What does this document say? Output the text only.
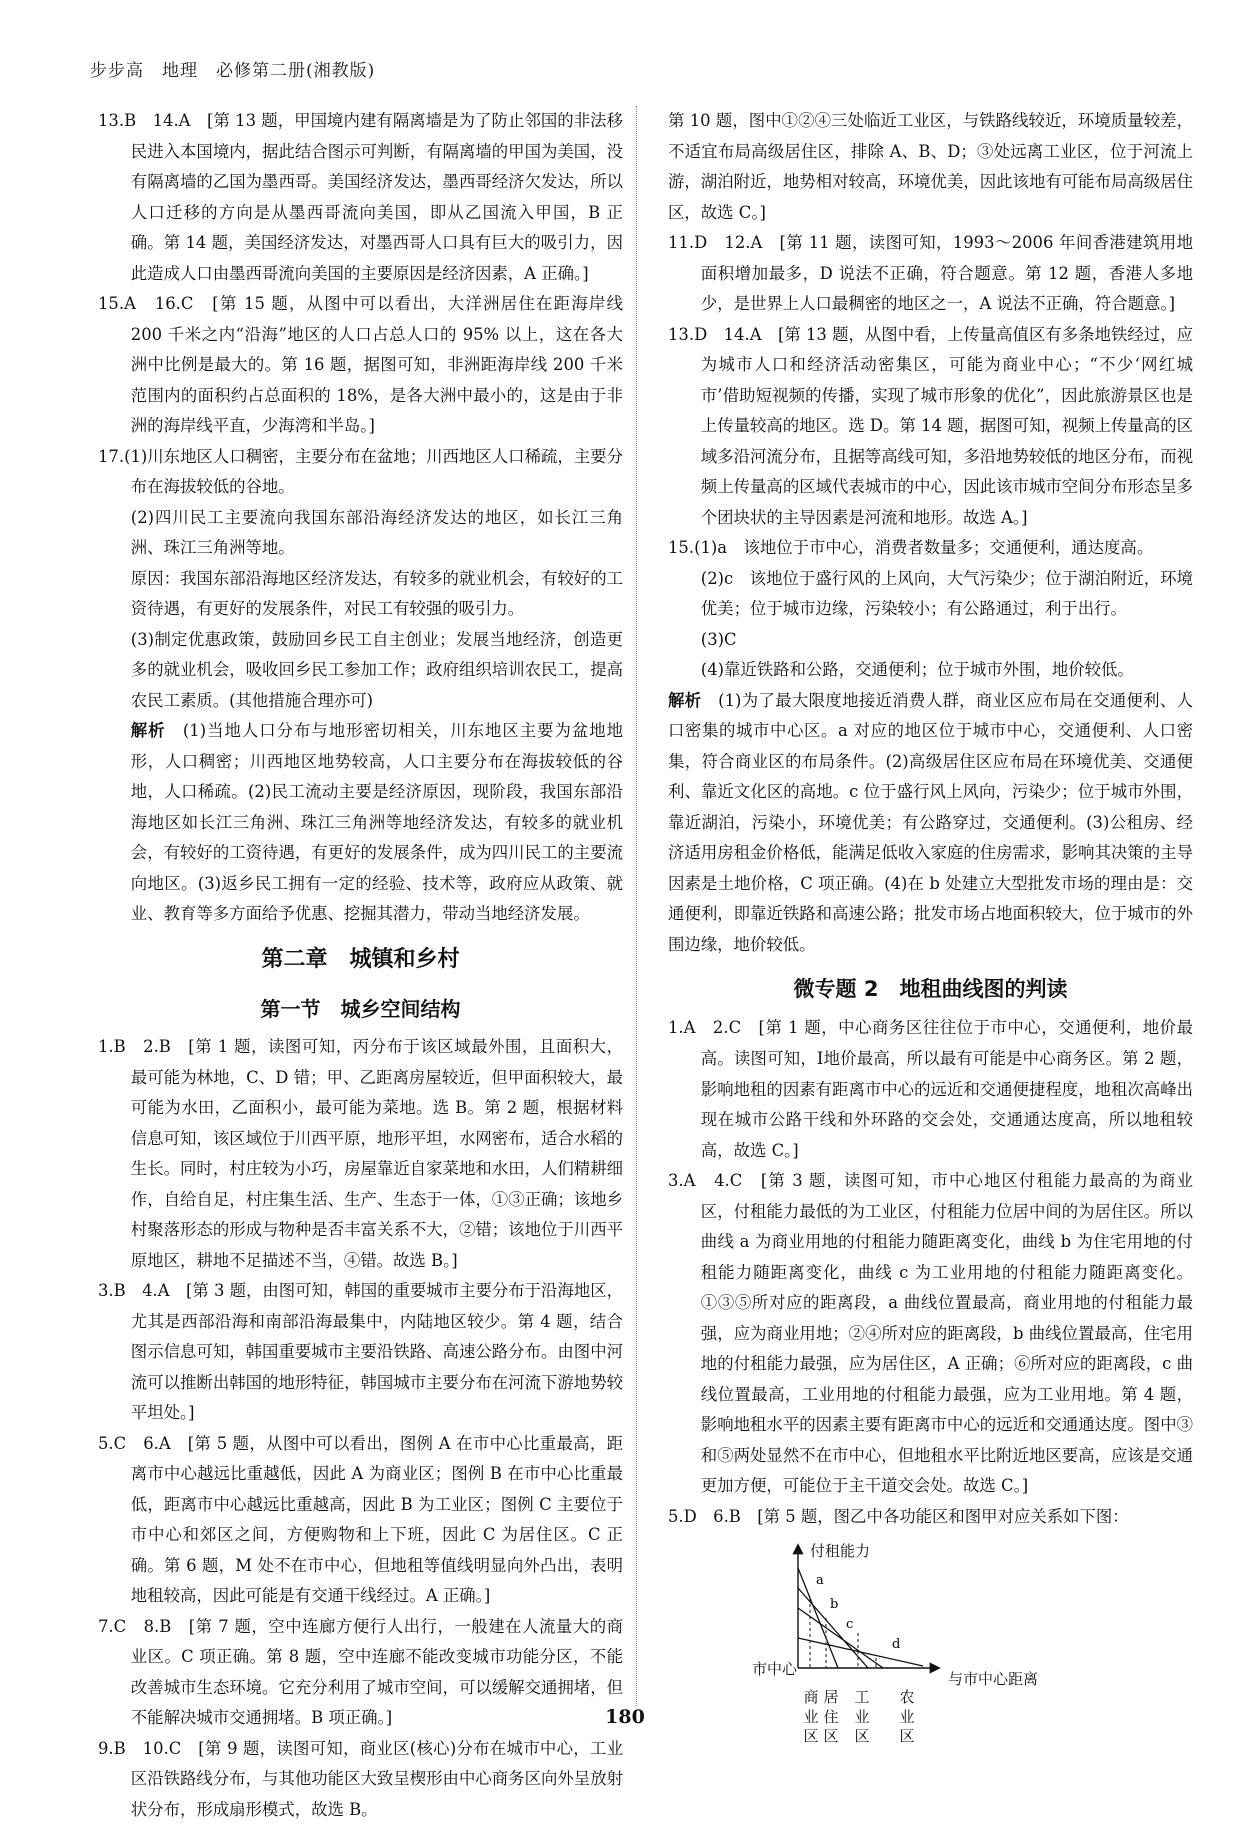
步步高　地理　必修第二册(湘教版)

13.B　14.A　[第 13 题，甲国境内建有隔离墙是为了防止邻国的非法移民进入本国境内，据此结合图示可判断，有隔离墙的甲国为美国，没有隔离墙的乙国为墨西哥。美国经济发达，墨西哥经济欠发达，所以人口迁移的方向是从墨西哥流向美国，即从乙国流入甲国，B 正确。第 14 题，美国经济发达，对墨西哥人口具有巨大的吸引力，因此造成人口由墨西哥流向美国的主要原因是经济因素，A 正确。]

15.A　16.C　[第 15 题，从图中可以看出，大洋洲居住在距海岸线 200 千米之内“沿海”地区的人口占总人口的 95% 以上，这在各大洲中比例是最大的。第 16 题，据图可知，非洲距海岸线 200 千米范围内的面积约占总面积的 18%，是各大洲中最小的，这是由于非洲的海岸线平直，少海湾和半岛。]

17.(1)川东地区人口稠密，主要分布在盆地；川西地区人口稀疏，主要分布在海拔较低的谷地。

(2)四川民工主要流向我国东部沿海经济发达的地区，如长江三角洲、珠江三角洲等地。

原因：我国东部沿海地区经济发达，有较多的就业机会，有较好的工资待遇，有更好的发展条件，对民工有较强的吸引力。

(3)制定优惠政策，鼓励回乡民工自主创业；发展当地经济，创造更多的就业机会，吸收回乡民工参加工作；政府组织培训农民工，提高农民工素质。(其他措施合理亦可)

解析　(1)当地人口分布与地形密切相关，川东地区主要为盆地地形，人口稠密；川西地区地势较高，人口主要分布在海拔较低的谷地，人口稀疏。(2)民工流动主要是经济原因，现阶段，我国东部沿海地区如长江三角洲、珠江三角洲等地经济发达，有较多的就业机会，有较好的工资待遇，有更好的发展条件，成为四川民工的主要流向地区。(3)返乡民工拥有一定的经验、技术等，政府应从政策、就业、教育等多方面给予优惠、挖掘其潜力，带动当地经济发展。

第二章　城镇和乡村
第一节　城乡空间结构

1.B　2.B　[第 1 题，读图可知，丙分布于该区域最外围，且面积大，最可能为林地，C、D 错；甲、乙距离房屋较近，但甲面积较大，最可能为水田，乙面积小，最可能为菜地。选 B。第 2 题，根据材料信息可知，该区域位于川西平原，地形平坦，水网密布，适合水稻的生长。同时，村庄较为小巧，房屋靠近自家菜地和水田，人们精耕细作，自给自足，村庄集生活、生产、生态于一体，①③正确；该地乡村聚落形态的形成与物种是否丰富关系不大，②错；该地位于川西平原地区，耕地不足描述不当，④错。故选 B。]

3.B　4.A　[第 3 题，由图可知，韩国的重要城市主要分布于沿海地区，尤其是西部沿海和南部沿海最集中，内陆地区较少。第 4 题，结合图示信息可知，韩国重要城市主要沿铁路、高速公路分布。由图中河流可以推断出韩国的地形特征，韩国城市主要分布在河流下游地势较平坦处。]

5.C　6.A　[第 5 题，从图中可以看出，图例 A 在市中心比重最高，距离市中心越远比重越低，因此 A 为商业区；图例 B 在市中心比重最低，距离市中心越远比重越高，因此 B 为工业区；图例 C 主要位于市中心和郊区之间，方便购物和上下班，因此 C 为居住区。C 正确。第 6 题，M 处不在市中心，但地租等值线明显向外凸出，表明地租较高，因此可能是有交通干线经过。A 正确。]

7.C　8.B　[第 7 题，空中连廊方便行人出行，一般建在人流量大的商业区。C 项正确。第 8 题，空中连廊不能改变城市功能分区，不能改善城市生态环境。它充分利用了城市空间，可以缓解交通拥堵，但不能解决城市交通拥堵。B 项正确。]

9.B　10.C　[第 9 题，读图可知，商业区(核心)分布在城市中心，工业区沿铁路线分布，与其他功能区大致呈楔形由中心商务区向外呈放射状分布，形成扇形模式，故选 B。

第 10 题，图中①②④三处临近工业区，与铁路线较近，环境质量较差，不适宜布局高级居住区，排除 A、B、D；③处远离工业区，位于河流上游，湖泊附近，地势相对较高，环境优美，因此该地有可能布局高级居住区，故选 C。]

11.D　12.A　[第 11 题，读图可知，1993～2006 年间香港建筑用地面积增加最多，D 说法不正确，符合题意。第 12 题，香港人多地少，是世界上人口最稠密的地区之一，A 说法不正确，符合题意。]

13.D　14.A　[第 13 题，从图中看，上传量高值区有多条地铁经过，应为城市人口和经济活动密集区，可能为商业中心；“不少‘网红城市’借助短视频的传播，实现了城市形象的优化”，因此旅游景区也是上传量较高的地区。选 D。第 14 题，据图可知，视频上传量高的区域多沿河流分布，且据等高线可知，多沿地势较低的地区分布，而视频上传量高的区域代表城市的中心，因此该市城市空间分布形态呈多个团块状的主导因素是河流和地形。故选 A。]

15.(1)a　该地位于市中心，消费者数量多；交通便利，通达度高。

(2)c　该地位于盛行风的上风向，大气污染少；位于湖泊附近，环境优美；位于城市边缘，污染较小；有公路通过，利于出行。

(3)C

(4)靠近铁路和公路，交通便利；位于城市外围，地价较低。

解析　(1)为了最大限度地接近消费人群，商业区应布局在交通便利、人口密集的城市中心区。a 对应的地区位于城市中心，交通便利、人口密集，符合商业区的布局条件。(2)高级居住区应布局在环境优美、交通便利、靠近文化区的高地。c 位于盛行风上风向，污染少；位于城市外围，靠近湖泊，污染小，环境优美；有公路穿过，交通便利。(3)公租房、经济适用房租金价格低，能满足低收入家庭的住房需求，影响其决策的主导因素是土地价格，C 项正确。(4)在 b 处建立大型批发市场的理由是：交通便利，即靠近铁路和高速公路；批发市场占地面积较大，位于城市的外围边缘，地价较低。

微专题 2　地租曲线图的判读

1.A　2.C　[第 1 题，中心商务区往往位于市中心，交通便利，地价最高。读图可知，Ⅰ地价最高，所以最有可能是中心商务区。第 2 题，影响地租的因素有距离市中心的远近和交通便捷程度，地租次高峰出现在城市公路干线和外环路的交会处，交通通达度高，所以地租较高，故选 C。]

3.A　4.C　[第 3 题，读图可知，市中心地区付租能力最高的为商业区，付租能力最低的为工业区，付租能力位居中间的为居住区。所以曲线 a 为商业用地的付租能力随距离变化，曲线 b 为住宅用地的付租能力随距离变化，曲线 c 为工业用地的付租能力随距离变化。①③⑤所对应的距离段，a 曲线位置最高，商业用地的付租能力最强，应为商业用地；②④所对应的距离段，b 曲线位置最高，住宅用地的付租能力最强，应为居住区，A 正确；⑥所对应的距离段，c 曲线位置最高，工业用地的付租能力最强，应为工业用地。第 4 题，影响地租水平的因素主要有距离市中心的远近和交通通达度。图中③和⑤两处显然不在市中心，但地租水平比附近地区要高，应该是交通更加方便，可能位于主干道交会处。故选 C。]

5.D　6.B　[第 5 题，图乙中各功能区和图甲对应关系如下图：

a
b
c
d
付租能力
市中心
与市中心距离
商
业
区
居
住
区
工
业
区
农
业
区
180
